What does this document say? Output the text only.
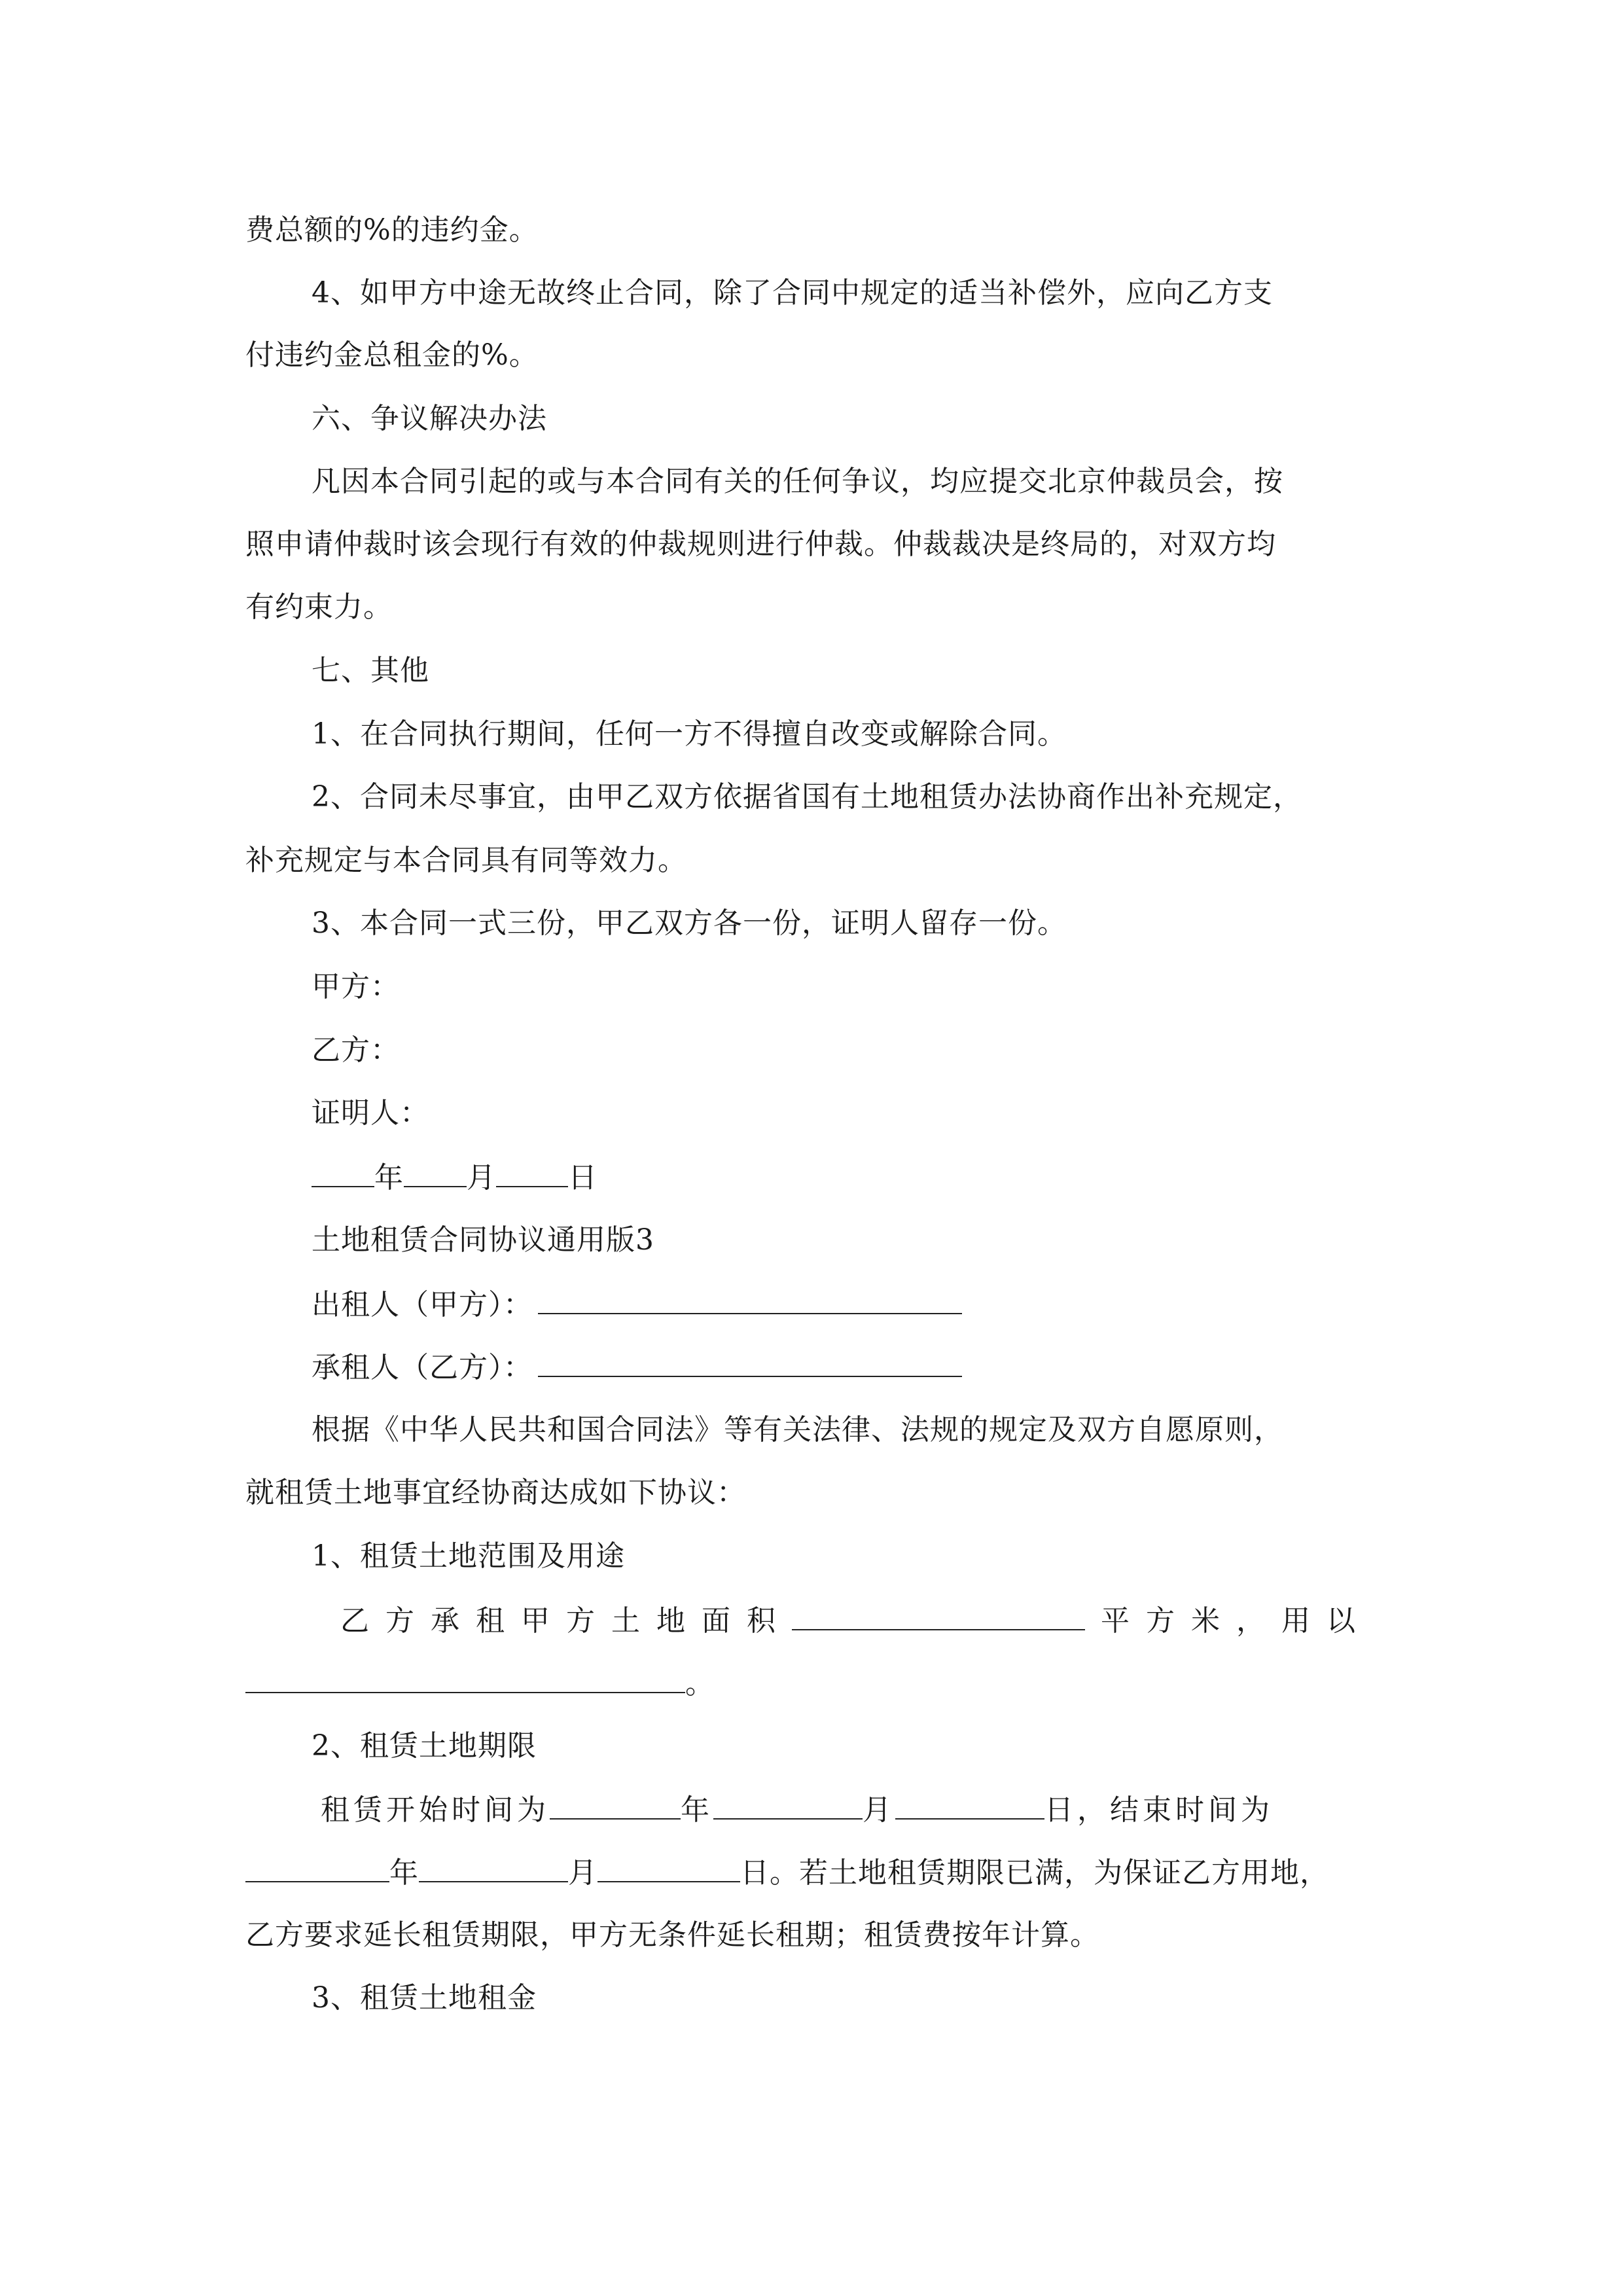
费总额的%的违约金。
4、如甲方中途无故终止合同，除了合同中规定的适当补偿外，应向乙方支
付违约金总租金的%。
六、争议解决办法
凡因本合同引起的或与本合同有关的任何争议，均应提交北京仲裁员会，按
照申请仲裁时该会现行有效的仲裁规则进行仲裁。仲裁裁决是终局的，对双方均
有约束力。
七、其他
1、在合同执行期间，任何一方不得擅自改变或解除合同。
2、合同未尽事宜，由甲乙双方依据省国有土地租赁办法协商作出补充规定，
补充规定与本合同具有同等效力。
3、本合同一式三份，甲乙双方各一份，证明人留存一份。
甲方：
乙方：
证明人：
年 月	日
土地租赁合同协议通用版3
出租人（甲方）：
承租人（乙方）：
根据《中华人民共和国合同法》等有关法律、法规的规定及双方自愿原则，
就租赁土地事宜经协商达成如下协议：
1、租赁土地范围及用途
乙方承租甲方土地面积	平方米，用以
。
2、租赁土地期限
租赁开始时间为	年	月	日，结束时间为
年	月	日。若土地租赁期限已满，为保证乙方用地，
乙方要求延长租赁期限，甲方无条件延长租期；租赁费按年计算。
3、租赁土地租金
